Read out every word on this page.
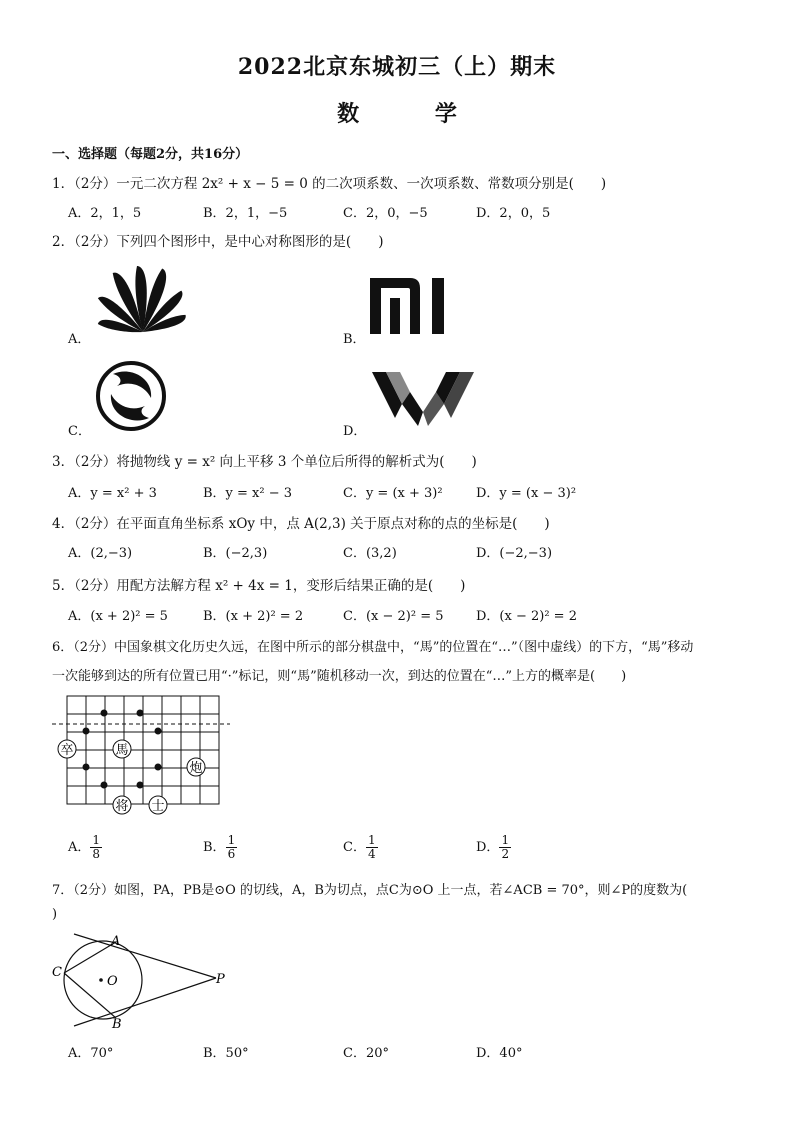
2022北京东城初三（上）期末
数 学
一、选择题（每题2分，共16分）
1．（2分）一元二次方程 2x² + x − 5 = 0 的二次项系数、一次项系数、常数项分别是(　　)
A．2，1，5	B．2，1，−5	C．2，0，−5	D．2，0，5
2．（2分）下列四个图形中，是中心对称图形的是(　　)
A．	B．
C．	D．
3．（2分）将抛物线 y = x² 向上平移 3 个单位后所得的解析式为(　　)
A．y = x² + 3	B．y = x² − 3	C．y = (x + 3)²	D．y = (x − 3)²
4．（2分）在平面直角坐标系 xOy 中，点 A(2,3) 关于原点对称的点的坐标是(　　)
A．(2,−3)	B．(−2,3)	C．(3,2)	D．(−2,−3)
5．（2分）用配方法解方程 x² + 4x = 1，变形后结果正确的是(　　)
A．(x + 2)² = 5	B．(x + 2)² = 2	C．(x − 2)² = 5	D．(x − 2)² = 2
6．（2分）中国象棋文化历史久远，在图中所示的部分棋盘中，“馬”的位置在“…”（图中虚线）的下方，“馬”移动
一次能够到达的所有位置已用“·”标记，则“馬”随机移动一次，到达的位置在“…”上方的概率是(　　)
卒	馬
炮
将 士
A． $\frac{1}{8}$	B． $\frac{1}{6}$	C． $\frac{1}{4}$	D． $\frac{1}{2}$
7．（2分）如图，PA，PB是⊙O 的切线，A，B为切点，点C为⊙O 上一点，若∠ACB = 70°，则∠P的度数为(
)
A
B
C
O	P
A．70°	B．50°	C．20°	D．40°
